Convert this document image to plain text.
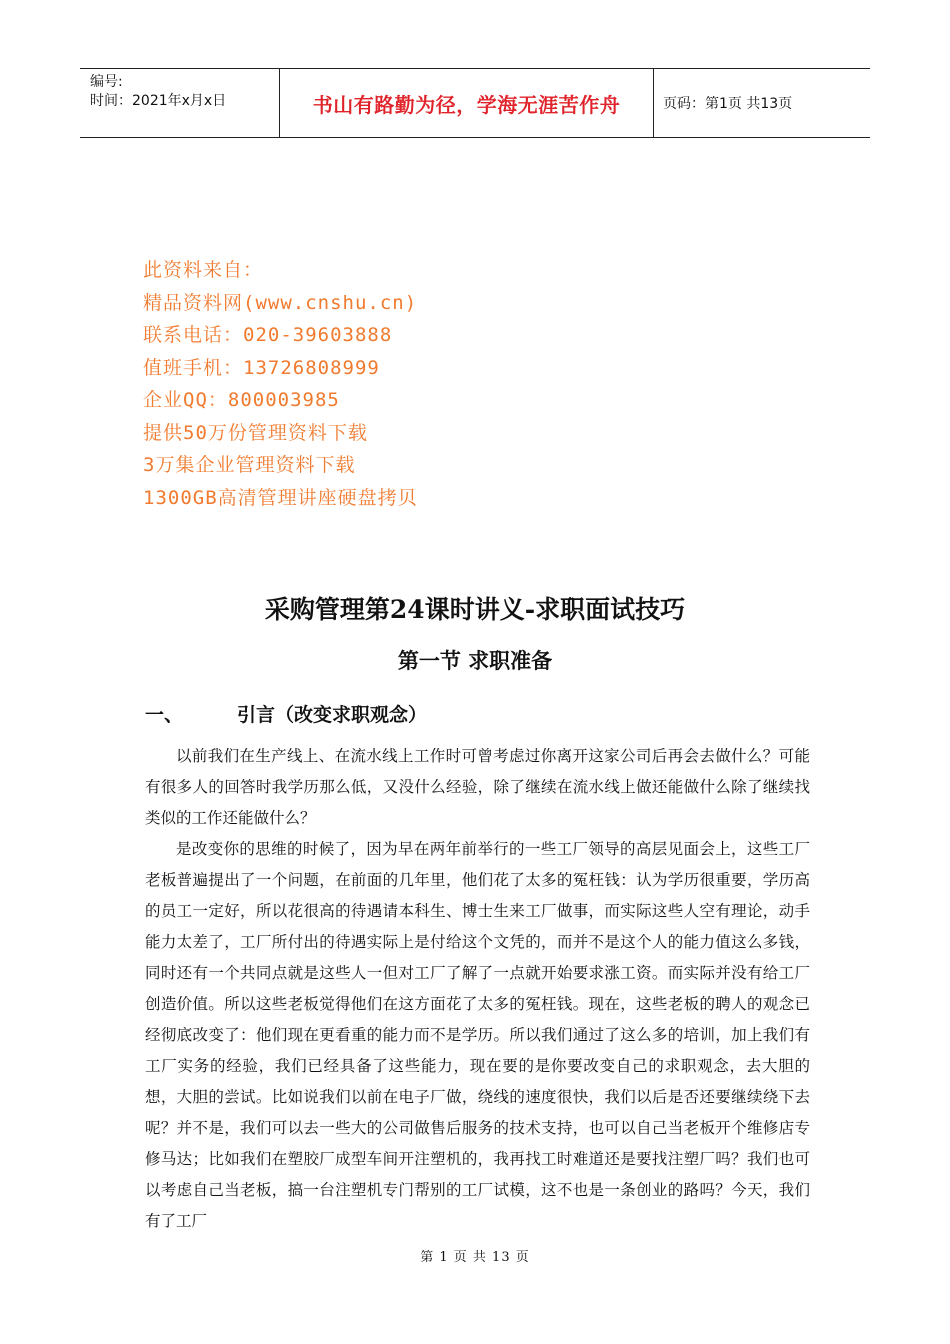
编号:
时间：2021年x月x日	书山有路勤为径，学海无涯苦作舟	页码：第1页 共13页
此资料来自：
精品资料网(www.cnshu.cn)
联系电话：020-39603888
值班手机：13726808999
企业QQ：800003985
提供50万份管理资料下载
3万集企业管理资料下载
1300GB高清管理讲座硬盘拷贝
采购管理第24课时讲义-求职面试技巧
第一节 求职准备
一、	引言（改变求职观念）

以前我们在生产线上、在流水线上工作时可曾考虑过你离开这家公司后再会去做什么？可能有很多人的回答时我学历那么低，又没什么经验，除了继续在流水线上做还能做什么除了继续找类似的工作还能做什么？

是改变你的思维的时候了，因为早在两年前举行的一些工厂领导的高层见面会上，这些工厂老板普遍提出了一个问题，在前面的几年里，他们花了太多的冤枉钱：认为学历很重要，学历高的员工一定好，所以花很高的待遇请本科生、博士生来工厂做事，而实际这些人空有理论，动手能力太差了，工厂所付出的待遇实际上是付给这个文凭的，而并不是这个人的能力值这么多钱，同时还有一个共同点就是这些人一但对工厂了解了一点就开始要求涨工资。而实际并没有给工厂创造价值。所以这些老板觉得他们在这方面花了太多的冤枉钱。现在，这些老板的聘人的观念已经彻底改变了：他们现在更看重的能力而不是学历。所以我们通过了这么多的培训，加上我们有工厂实务的经验，我们已经具备了这些能力，现在要的是你要改变自己的求职观念，去大胆的想，大胆的尝试。比如说我们以前在电子厂做，绕线的速度很快，我们以后是否还要继续绕下去呢？并不是，我们可以去一些大的公司做售后服务的技术支持，也可以自己当老板开个维修店专修马达；比如我们在塑胶厂成型车间开注塑机的，我再找工时难道还是要找注塑厂吗？我们也可以考虑自己当老板，搞一台注塑机专门帮别的工厂试模，这不也是一条创业的路吗？今天，我们有了工厂

第 1 页 共 13 页
